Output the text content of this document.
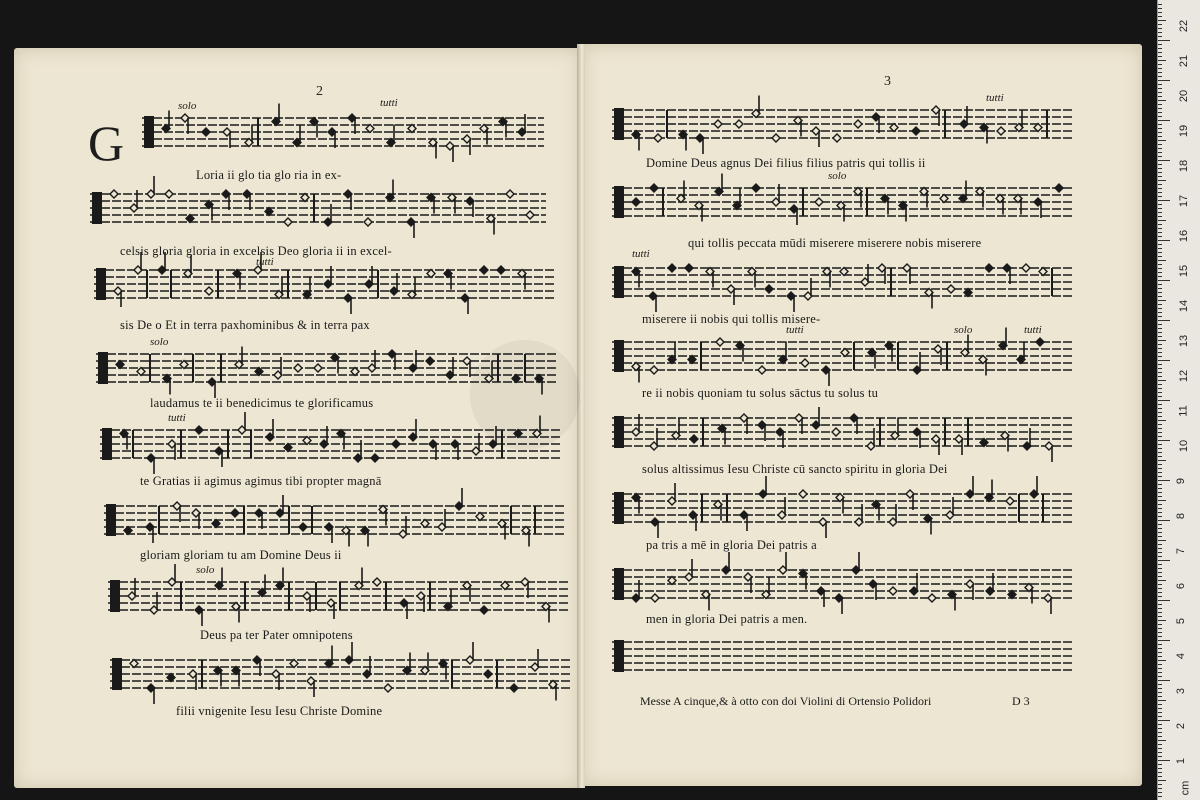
2
3
G
Loria ii glo tia glo ria in ex-
celsis gloria gloria in excelsis Deo gloria ii in excel-
sis De o Et in terra paxhominibus & in terra pax
laudamus te ii benedicimus te glorificamus
te Gratias ii agimus agimus tibi propter magnā
gloriam gloriam tu am Domine Deus ii
Deus pa ter Pater omnipotens
filii vnigenite Iesu Iesu Christe Domine
solo	tutti
tutti
solo
tutti
solo
Domine Deus agnus Dei filius filius patris qui tollis ii
qui tollis peccata mūdi miserere miserere nobis miserere
miserere ii nobis qui tollis misere-
re ii nobis quoniam tu solus sāctus tu solus tu
solus altissimus Iesu Christe cū sancto spiritu in gloria Dei
pa tris a mē in gloria Dei patris a
men in gloria Dei patris a men.
tutti
solo
tutti
tutti	solo	tutti
Messe A cinque,& à otto con doi Violini di Ortensio Polidori	D 3
22
21
20
19
18
17
16
15
14
13
12
11
10
9
8
7
6
5
4
3
2
1
cm
